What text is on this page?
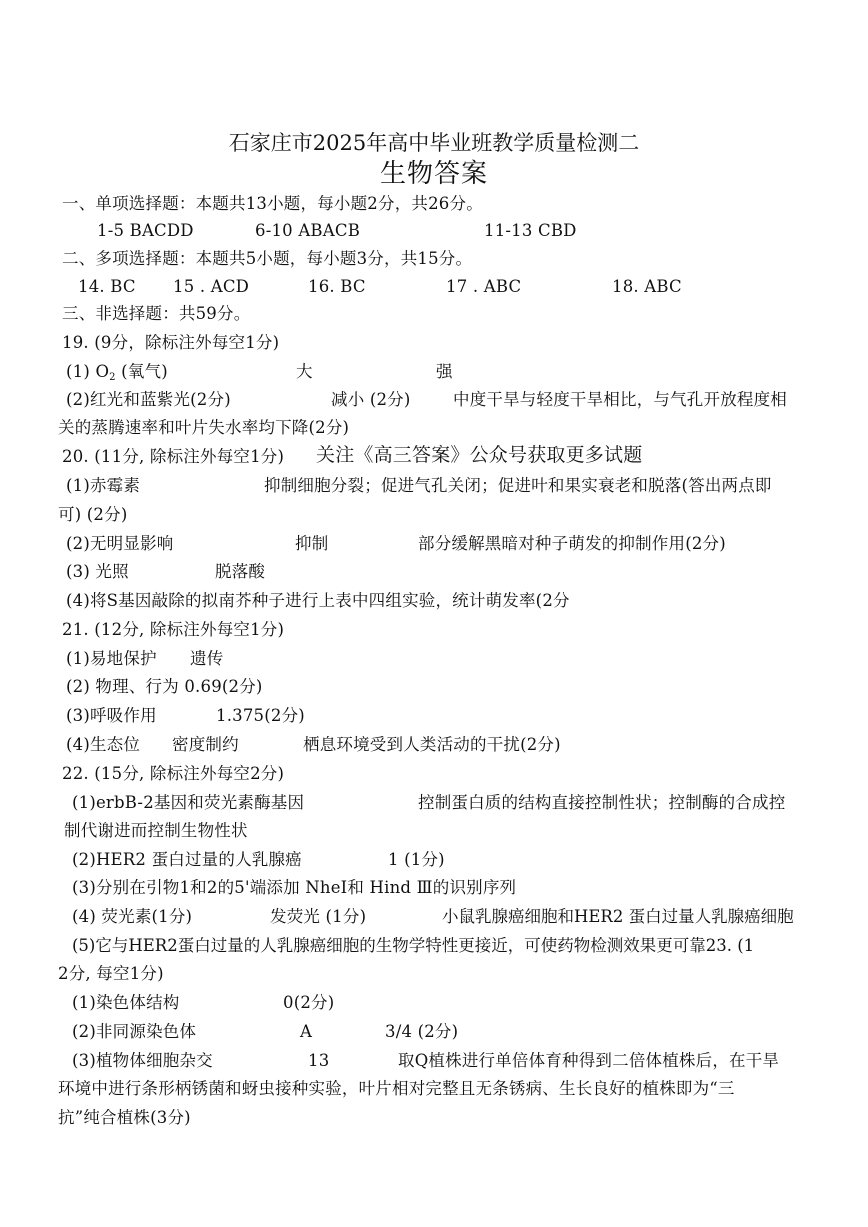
石家庄市2025年高中毕业班教学质量检测二
生物答案
一、单项选择题：本题共13小题，每小题2分，共26分。
1-5 BACDD	6-10 ABACB	11-13 CBD
二、多项选择题：本题共5小题，每小题3分，共15分。
14. BC 15 . ACD	16. BC	17 . ABC	18. ABC
三、非选择题：共59分。
19. (9分，除标注外每空1分)
(1) O2 (氧气)	大	强
(2)红光和蓝紫光(2分)	减小 (2分)	中度干旱与轻度干旱相比，与气孔开放程度相
关的蒸腾速率和叶片失水率均下降(2分)
20. (11分, 除标注外每空1分) 关注《高三答案》公众号获取更多试题
(1)赤霉素	抑制细胞分裂；促进气孔关闭；促进叶和果实衰老和脱落(答出两点即
可) (2分)
(2)无明显影响	抑制	部分缓解黑暗对种子萌发的抑制作用(2分)
(3) 光照	脱落酸
(4)将S基因敲除的拟南芥种子进行上表中四组实验，统计萌发率(2分
21. (12分, 除标注外每空1分)
(1)易地保护 遗传
(2) 物理、行为 0.69(2分)
(3)呼吸作用	1.375(2分)
(4)生态位 密度制约	栖息环境受到人类活动的干扰(2分)
22. (15分, 除标注外每空2分)
(1)erbB-2基因和荧光素酶基因	控制蛋白质的结构直接控制性状；控制酶的合成控
制代谢进而控制生物性状
(2)HER2 蛋白过量的人乳腺癌	1 (1分)
(3)分别在引物1和2的5'端添加 NheⅠ和 Hind Ⅲ的识别序列
(4) 荧光素(1分)	发荧光 (1分)	小鼠乳腺癌细胞和HER2 蛋白过量人乳腺癌细胞
(5)它与HER2蛋白过量的人乳腺癌细胞的生物学特性更接近，可使药物检测效果更可靠23. (1
2分, 每空1分)
(1)染色体结构	0(2分)
(2)非同源染色体	A	3/4 (2分)
(3)植物体细胞杂交	13	取Q植株进行单倍体育种得到二倍体植株后，在干旱
环境中进行条形柄锈菌和蚜虫接种实验，叶片相对完整且无条锈病、生长良好的植株即为“三
抗”纯合植株(3分)
